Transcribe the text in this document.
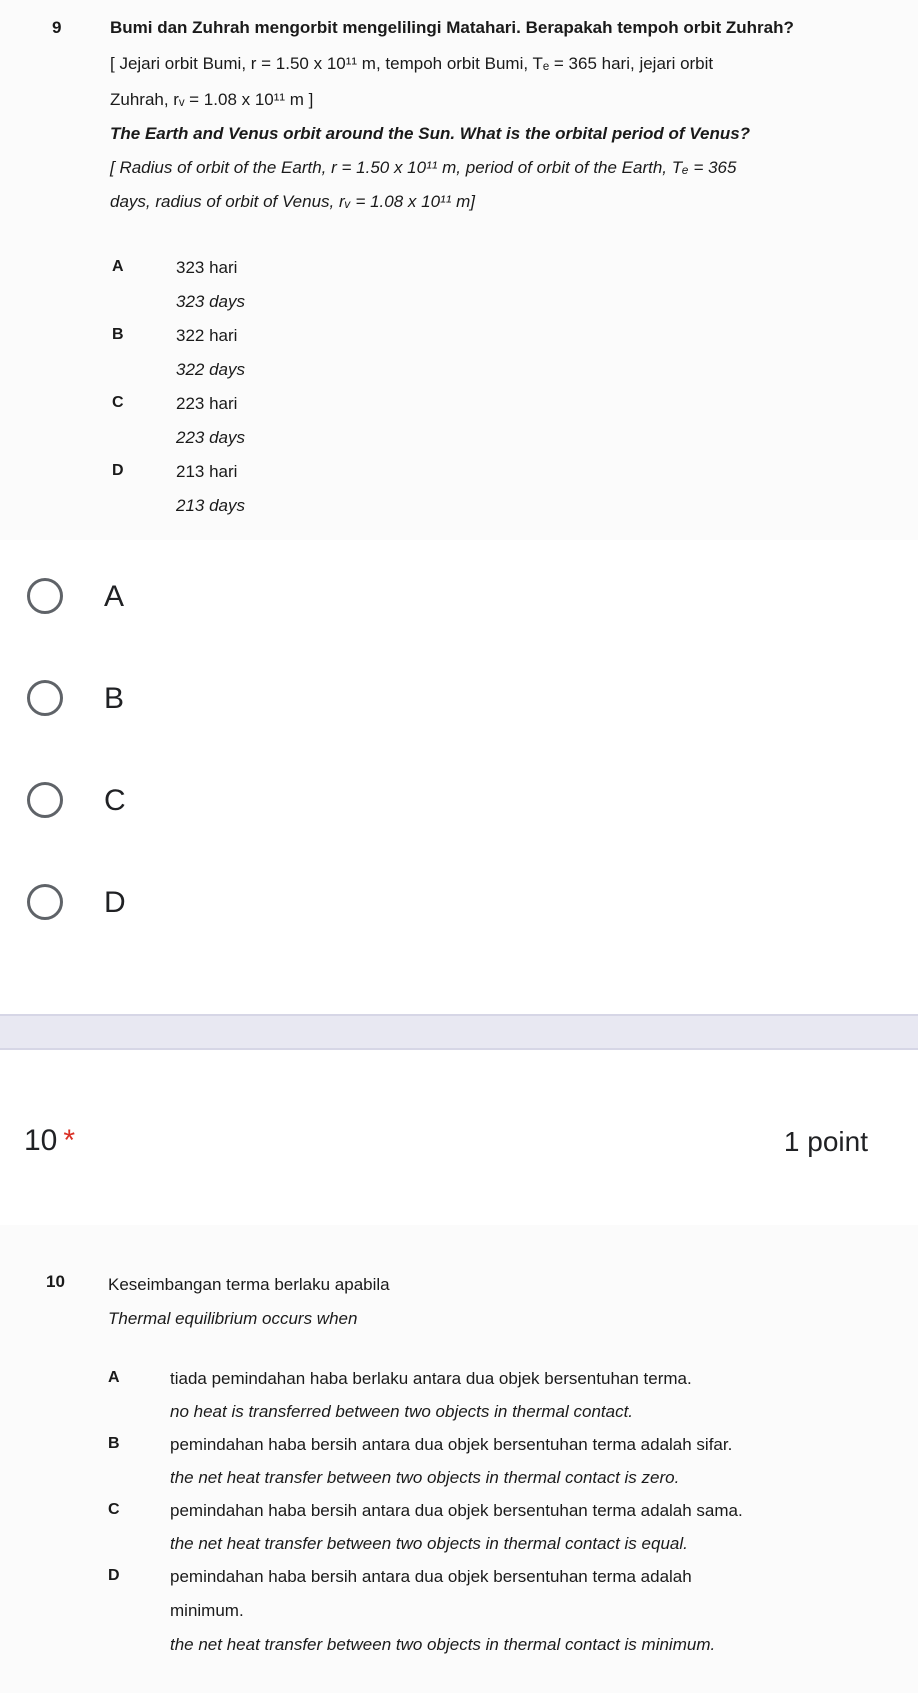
9	Bumi dan Zuhrah mengorbit mengelilingi Matahari. Berapakah tempoh orbit Zuhrah?
[ Jejari orbit Bumi, r = 1.50 x 10¹¹ m, tempoh orbit Bumi, Tₑ = 365 hari, jejari orbit
Zuhrah, rᵥ = 1.08 x 10¹¹ m ]
The Earth and Venus orbit around the Sun. What is the orbital period of Venus?
[ Radius of orbit of the Earth, r = 1.50 x 10¹¹ m, period of orbit of the Earth, Tₑ = 365
days, radius of orbit of Venus, rᵥ = 1.08 x 10¹¹ m]
A	323 hari
323 days
B	322 hari
322 days
C	223 hari
223 days
D	213 hari
213 days
A
B
C
D
10 *	1 point
10	Keseimbangan terma berlaku apabila
Thermal equilibrium occurs when
A	tiada pemindahan haba berlaku antara dua objek bersentuhan terma.
no heat is transferred between two objects in thermal contact.
B	pemindahan haba bersih antara dua objek bersentuhan terma adalah sifar.
the net heat transfer between two objects in thermal contact is zero.
C	pemindahan haba bersih antara dua objek bersentuhan terma adalah sama.
the net heat transfer between two objects in thermal contact is equal.
D	pemindahan haba bersih antara dua objek bersentuhan terma adalah
minimum.
the net heat transfer between two objects in thermal contact is minimum.
